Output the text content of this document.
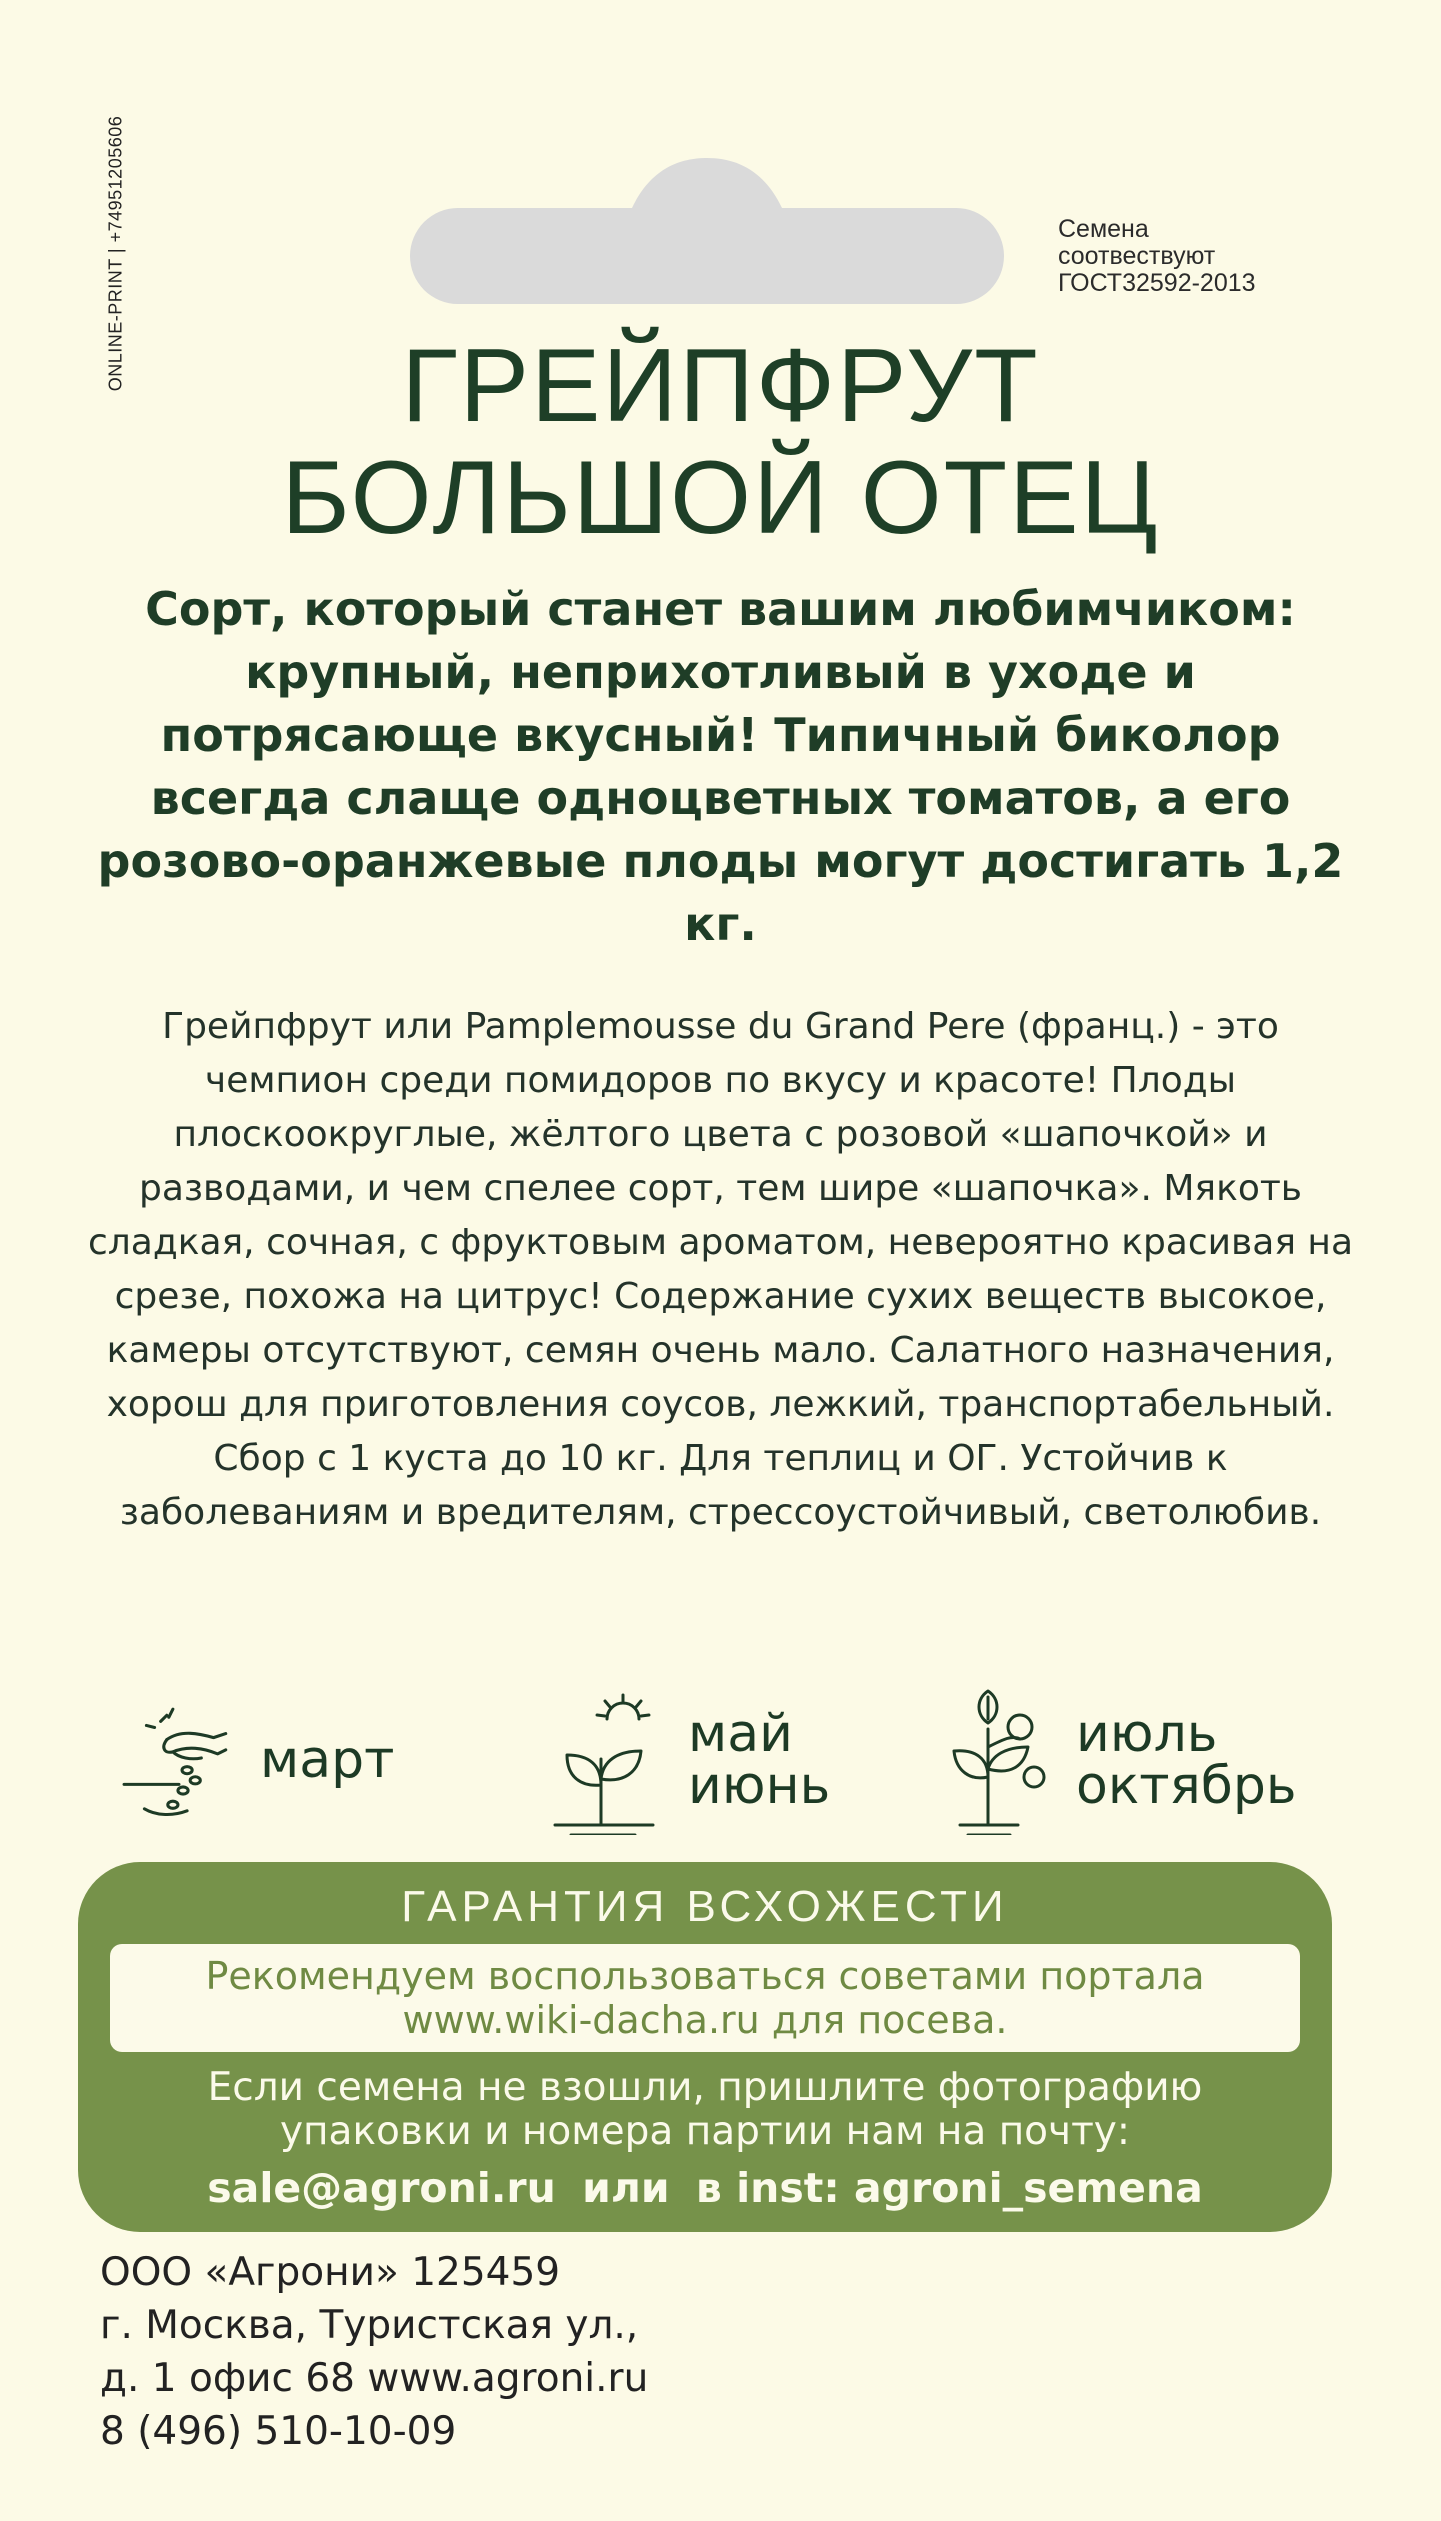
ONLINE-PRINT | +74951205606	Семена
соотвествуют
ГОСТ32592-2013
ГРЕЙПФРУТ
БОЛЬШОЙ ОТЕЦ
Сорт, который станет вашим любимчиком: крупный, неприхотливый в уходе и потрясающе вкусный! Типичный биколор всегда слаще одноцветных томатов, а его розово-оранжевые плоды могут достигать 1,2 кг.
Грейпфрут или Pamplemousse du Grand Pere (франц.) - это чемпион среди помидоров по вкусу и красоте! Плоды плоскоокруглые, жёлтого цвета с розовой «шапочкой» и разводами, и чем спелее сорт, тем шире «шапочка». Мякоть сладкая, сочная, с фруктовым ароматом, невероятно красивая на срезе, похожа на цитрус! Содержание сухих веществ высокое, камеры отсутствуют, семян очень мало. Салатного назначения, хорош для приготовления соусов, лежкий, транспортабельный. Сбор с 1 куста до 10 кг. Для теплиц и ОГ. Устойчив к заболеваниям и вредителям, стрессоустойчивый, светолюбив.
март	май
июнь
июль
октябрь
ГАРАНТИЯ ВСХОЖЕСТИ
Рекомендуем воспользоваться советами портала
www.wiki-dacha.ru для посева.
Если семена не взошли, пришлите фотографию
упаковки и номера партии нам на почту:
sale@agroni.ru или в inst: agroni_semena
ООО «Агрони» 125459
г. Москва, Туристская ул.,
д. 1 офис 68 www.agroni.ru
8 (496) 510-10-09
